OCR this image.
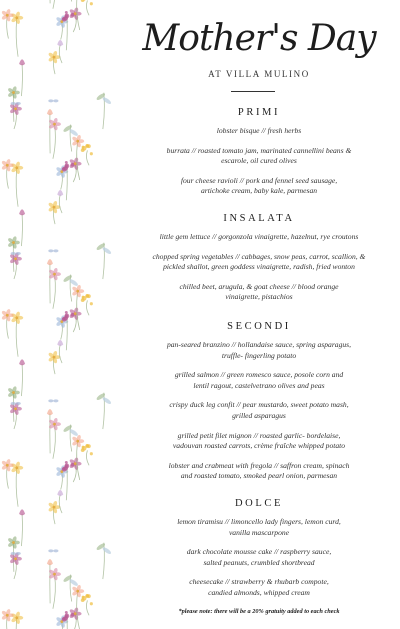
Mother's Day
AT VILLA MULINO
PRIMI
lobster bisque // fresh herbs
burrata // roasted tomato jam, marinated cannellini beans &
escarole, oil cured olives
four cheese ravioli // pork and fennel seed sausage,
artichoke cream, baby kale, parmesan
INSALATA
little gem lettuce // gorgonzola vinaigrette, hazelnut, rye croutons
chopped spring vegetables // cabbages, snow peas, carrot, scallion, &
pickled shallot, green goddess vinaigrette, radish, fried wonton
chilled beet, arugula, & goat cheese // blood orange
vinaigrette, pistachios
SECONDI
pan-seared branzino // hollandaise sauce, spring asparagus,
truffle- fingerling potato
grilled salmon // green romesco sauce, posole corn and
lentil ragout, castelvetrano olives and peas
crispy duck leg confit // pear mustardo, sweet potato mash,
grilled asparagus
grilled petit filet mignon // roasted garlic- bordelaise,
vadouvan roasted carrots, crème fraîche whipped potato
lobster and crabmeat with fregola // saffron cream, spinach
and roasted tomato, smoked pearl onion, parmesan
DOLCE
lemon tiramisu // limoncello lady fingers, lemon curd,
vanilla mascarpone
dark chocolate mousse cake // raspberry sauce,
salted peanuts, crumbled shortbread
cheesecake // strawberry & rhubarb compote,
candied almonds, whipped cream
*please note: there will be a 20% gratuity added to each check
